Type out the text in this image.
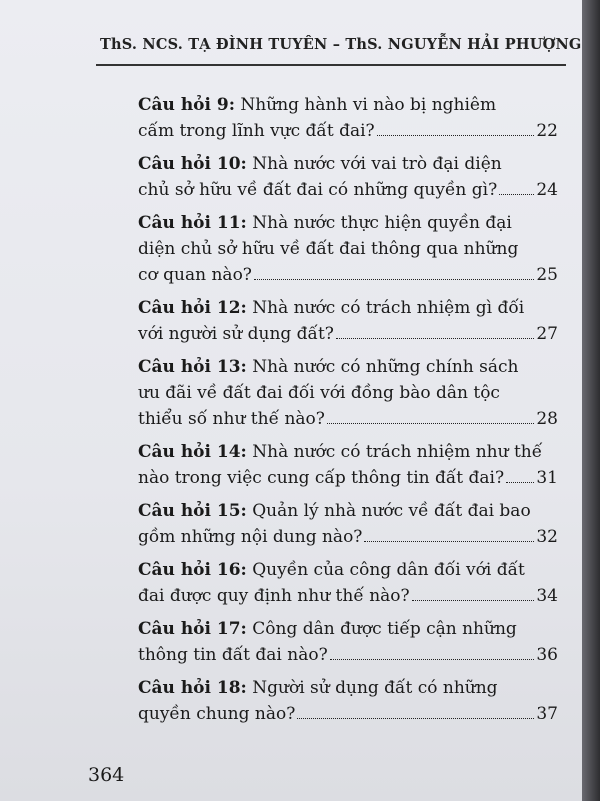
ThS. NCS. TẠ ĐÌNH TUYÊN – ThS. NGUYỄN HẢI PHƯỢNG
Câu hỏi 9: Những hành vi nào bị nghiêm
cấm trong lĩnh vực đất đai?	22
Câu hỏi 10: Nhà nước với vai trò đại diện
chủ sở hữu về đất đai có những quyền gì? 24
Câu hỏi 11: Nhà nước thực hiện quyền đại
diện chủ sở hữu về đất đai thông qua những
cơ quan nào?	25
Câu hỏi 12: Nhà nước có trách nhiệm gì đối
với người sử dụng đất?	27
Câu hỏi 13: Nhà nước có những chính sách
ưu đãi về đất đai đối với đồng bào dân tộc
thiểu số như thế nào?	28
Câu hỏi 14: Nhà nước có trách nhiệm như thế
nào trong việc cung cấp thông tin đất đai? 31
Câu hỏi 15: Quản lý nhà nước về đất đai bao
gồm những nội dung nào?	32
Câu hỏi 16: Quyền của công dân đối với đất
đai được quy định như thế nào?	34
Câu hỏi 17: Công dân được tiếp cận những
thông tin đất đai nào?	36
Câu hỏi 18: Người sử dụng đất có những
quyền chung nào?	37
364
